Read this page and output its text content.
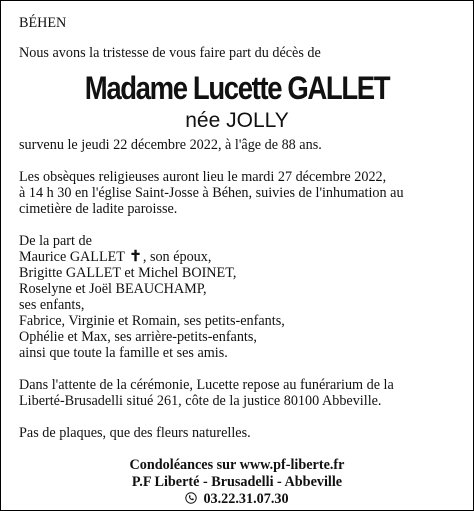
BÉHEN
Nous avons la tristesse de vous faire part du décès de
Madame Lucette GALLET
née JOLLY
survenu le jeudi 22 décembre 2022, à l'âge de 88 ans.
Les obsèques religieuses auront lieu le mardi 27 décembre 2022,
à 14 h 30 en l'église Saint-Josse à Béhen, suivies de l'inhumation au
cimetière de ladite paroisse.
De la part de
Maurice GALLET ✝, son époux,
Brigitte GALLET et Michel BOINET,
Roselyne et Joël BEAUCHAMP,
ses enfants,
Fabrice, Virginie et Romain, ses petits-enfants,
Ophélie et Max, ses arrière-petits-enfants,
ainsi que toute la famille et ses amis.
Dans l'attente de la cérémonie, Lucette repose au funérarium de la
Liberté-Brusadelli situé 261, côte de la justice 80100 Abbeville.
Pas de plaques, que des fleurs naturelles.
Condoléances sur www.pf-liberte.fr
P.F Liberté - Brusadelli - Abbeville
03.22.31.07.30
